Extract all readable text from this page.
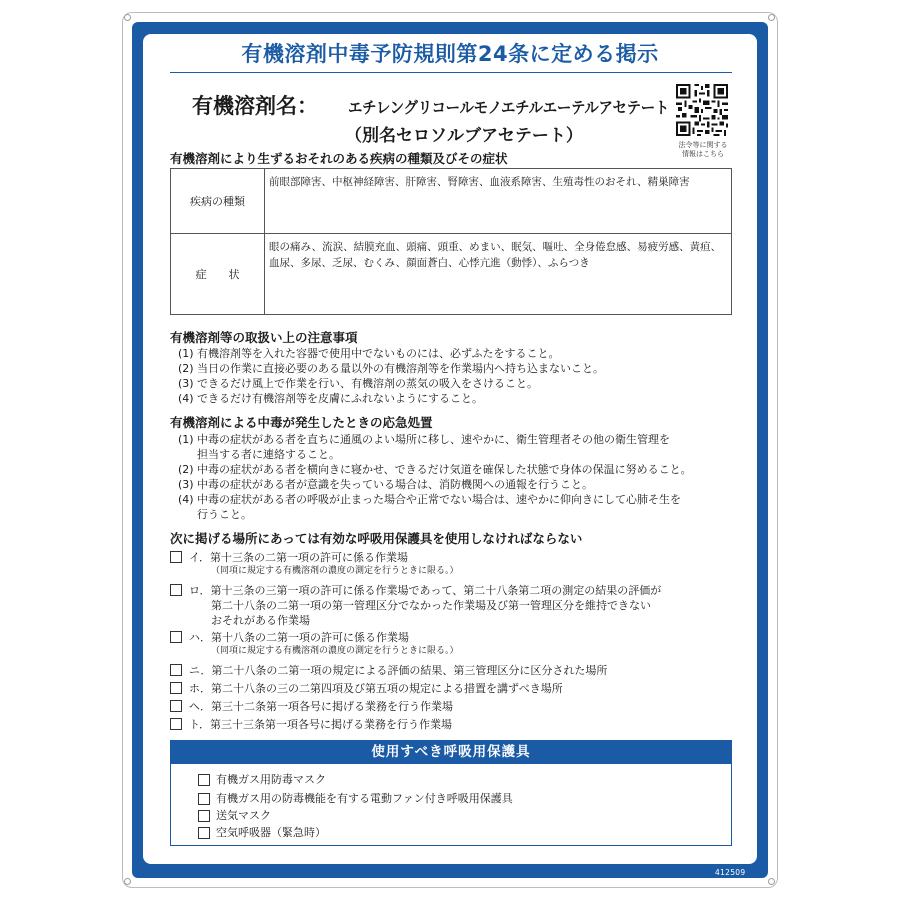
有機溶剤中毒予防規則第24条に定める掲示
有機溶剤名： エチレングリコールモノエチルエーテルアセテート
（別名セロソルブアセテート）	法令等に関する
情報はこちら
有機溶剤により生ずるおそれのある疾病の種類及びその症状
疾病の種類	前眼部障害、中枢神経障害、肝障害、腎障害、血液系障害、生殖毒性のおそれ、精巣障害
症　　状	眼の痛み、流涙、結膜充血、頭痛、頭重、めまい、眠気、嘔吐、全身倦怠感、易疲労感、黄疸、
血尿、多尿、乏尿、むくみ、顔面蒼白、心悸亢進（動悸）、ふらつき
有機溶剤等の取扱い上の注意事項
(1) 有機溶剤等を入れた容器で使用中でないものには、必ずふたをすること。
(2) 当日の作業に直接必要のある量以外の有機溶剤等を作業場内へ持ち込まないこと。
(3) できるだけ風上で作業を行い、有機溶剤の蒸気の吸入をさけること。
(4) できるだけ有機溶剤等を皮膚にふれないようにすること。
有機溶剤による中毒が発生したときの応急処置
(1) 中毒の症状がある者を直ちに通風のよい場所に移し、速やかに、衛生管理者その他の衛生管理を
担当する者に連絡すること。
(2) 中毒の症状がある者を横向きに寝かせ、できるだけ気道を確保した状態で身体の保温に努めること。
(3) 中毒の症状がある者が意識を失っている場合は、消防機関への通報を行うこと。
(4) 中毒の症状がある者の呼吸が止まった場合や正常でない場合は、速やかに仰向きにして心肺そ生を
行うこと。
次に掲げる場所にあっては有効な呼吸用保護具を使用しなければならない
イ．第十三条の二第一項の許可に係る作業場
（同項に規定する有機溶剤の濃度の測定を行うときに限る。）
ロ．第十三条の三第一項の許可に係る作業場であって、第二十八条第二項の測定の結果の評価が
第二十八条の二第一項の第一管理区分でなかった作業場及び第一管理区分を維持できない
おそれがある作業場
ハ．第十八条の二第一項の許可に係る作業場
（同項に規定する有機溶剤の濃度の測定を行うときに限る。）
ニ．第二十八条の二第一項の規定による評価の結果、第三管理区分に区分された場所
ホ．第二十八条の三の二第四項及び第五項の規定による措置を講ずべき場所
ヘ．第三十二条第一項各号に掲げる業務を行う作業場
ト．第三十三条第一項各号に掲げる業務を行う作業場
使用すべき呼吸用保護具
有機ガス用防毒マスク
有機ガス用の防毒機能を有する電動ファン付き呼吸用保護具
送気マスク
空気呼吸器（緊急時）
412509
